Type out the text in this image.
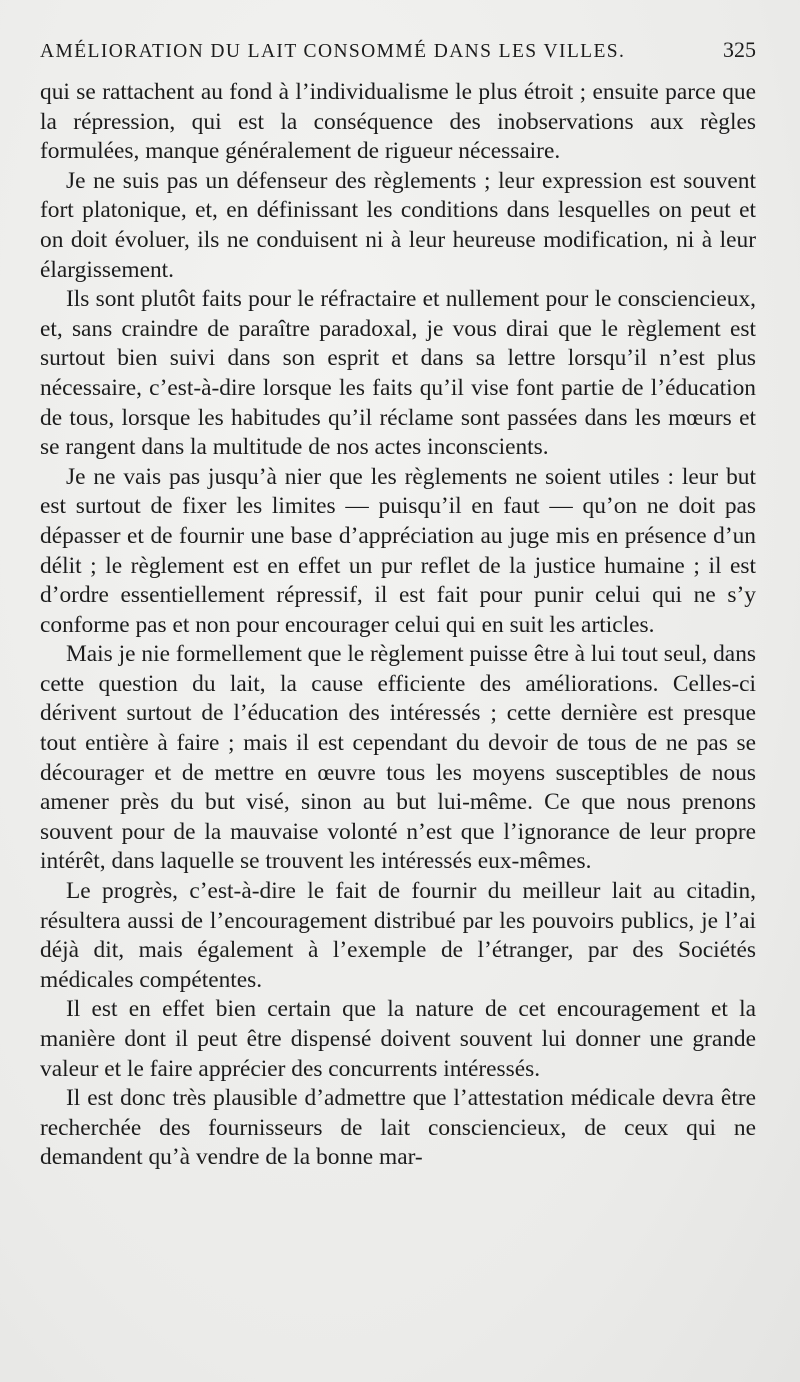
AMÉLIORATION DU LAIT CONSOMMÉ DANS LES VILLES.	325

qui se rattachent au fond à l’individualisme le plus étroit ; ensuite parce que la répression, qui est la conséquence des inobservations aux règles formulées, manque généralement de rigueur nécessaire.

Je ne suis pas un défenseur des règlements ; leur expression est souvent fort platonique, et, en définissant les conditions dans lesquelles on peut et on doit évoluer, ils ne conduisent ni à leur heureuse modification, ni à leur élargissement.

Ils sont plutôt faits pour le réfractaire et nullement pour le consciencieux, et, sans craindre de paraître paradoxal, je vous dirai que le règlement est surtout bien suivi dans son esprit et dans sa lettre lorsqu’il n’est plus nécessaire, c’est-à-dire lorsque les faits qu’il vise font partie de l’éducation de tous, lorsque les habitudes qu’il réclame sont passées dans les mœurs et se rangent dans la multitude de nos actes inconscients.

Je ne vais pas jusqu’à nier que les règlements ne soient utiles : leur but est surtout de fixer les limites — puisqu’il en faut — qu’on ne doit pas dépasser et de fournir une base d’appréciation au juge mis en présence d’un délit ; le règlement est en effet un pur reflet de la justice humaine ; il est d’ordre essentiellement répressif, il est fait pour punir celui qui ne s’y conforme pas et non pour encourager celui qui en suit les articles.

Mais je nie formellement que le règlement puisse être à lui tout seul, dans cette question du lait, la cause efficiente des améliorations. Celles-ci dérivent surtout de l’éducation des intéressés ; cette dernière est presque tout entière à faire ; mais il est cependant du devoir de tous de ne pas se décourager et de mettre en œuvre tous les moyens susceptibles de nous amener près du but visé, sinon au but lui-même. Ce que nous prenons souvent pour de la mauvaise volonté n’est que l’ignorance de leur propre intérêt, dans laquelle se trouvent les intéressés eux-mêmes.

Le progrès, c’est-à-dire le fait de fournir du meilleur lait au citadin, résultera aussi de l’encouragement distribué par les pouvoirs publics, je l’ai déjà dit, mais également à l’exemple de l’étranger, par des Sociétés médicales compétentes.

Il est en effet bien certain que la nature de cet encouragement et la manière dont il peut être dispensé doivent souvent lui donner une grande valeur et le faire apprécier des concurrents intéressés.

Il est donc très plausible d’admettre que l’attestation médicale devra être recherchée des fournisseurs de lait consciencieux, de ceux qui ne demandent qu’à vendre de la bonne mar-
